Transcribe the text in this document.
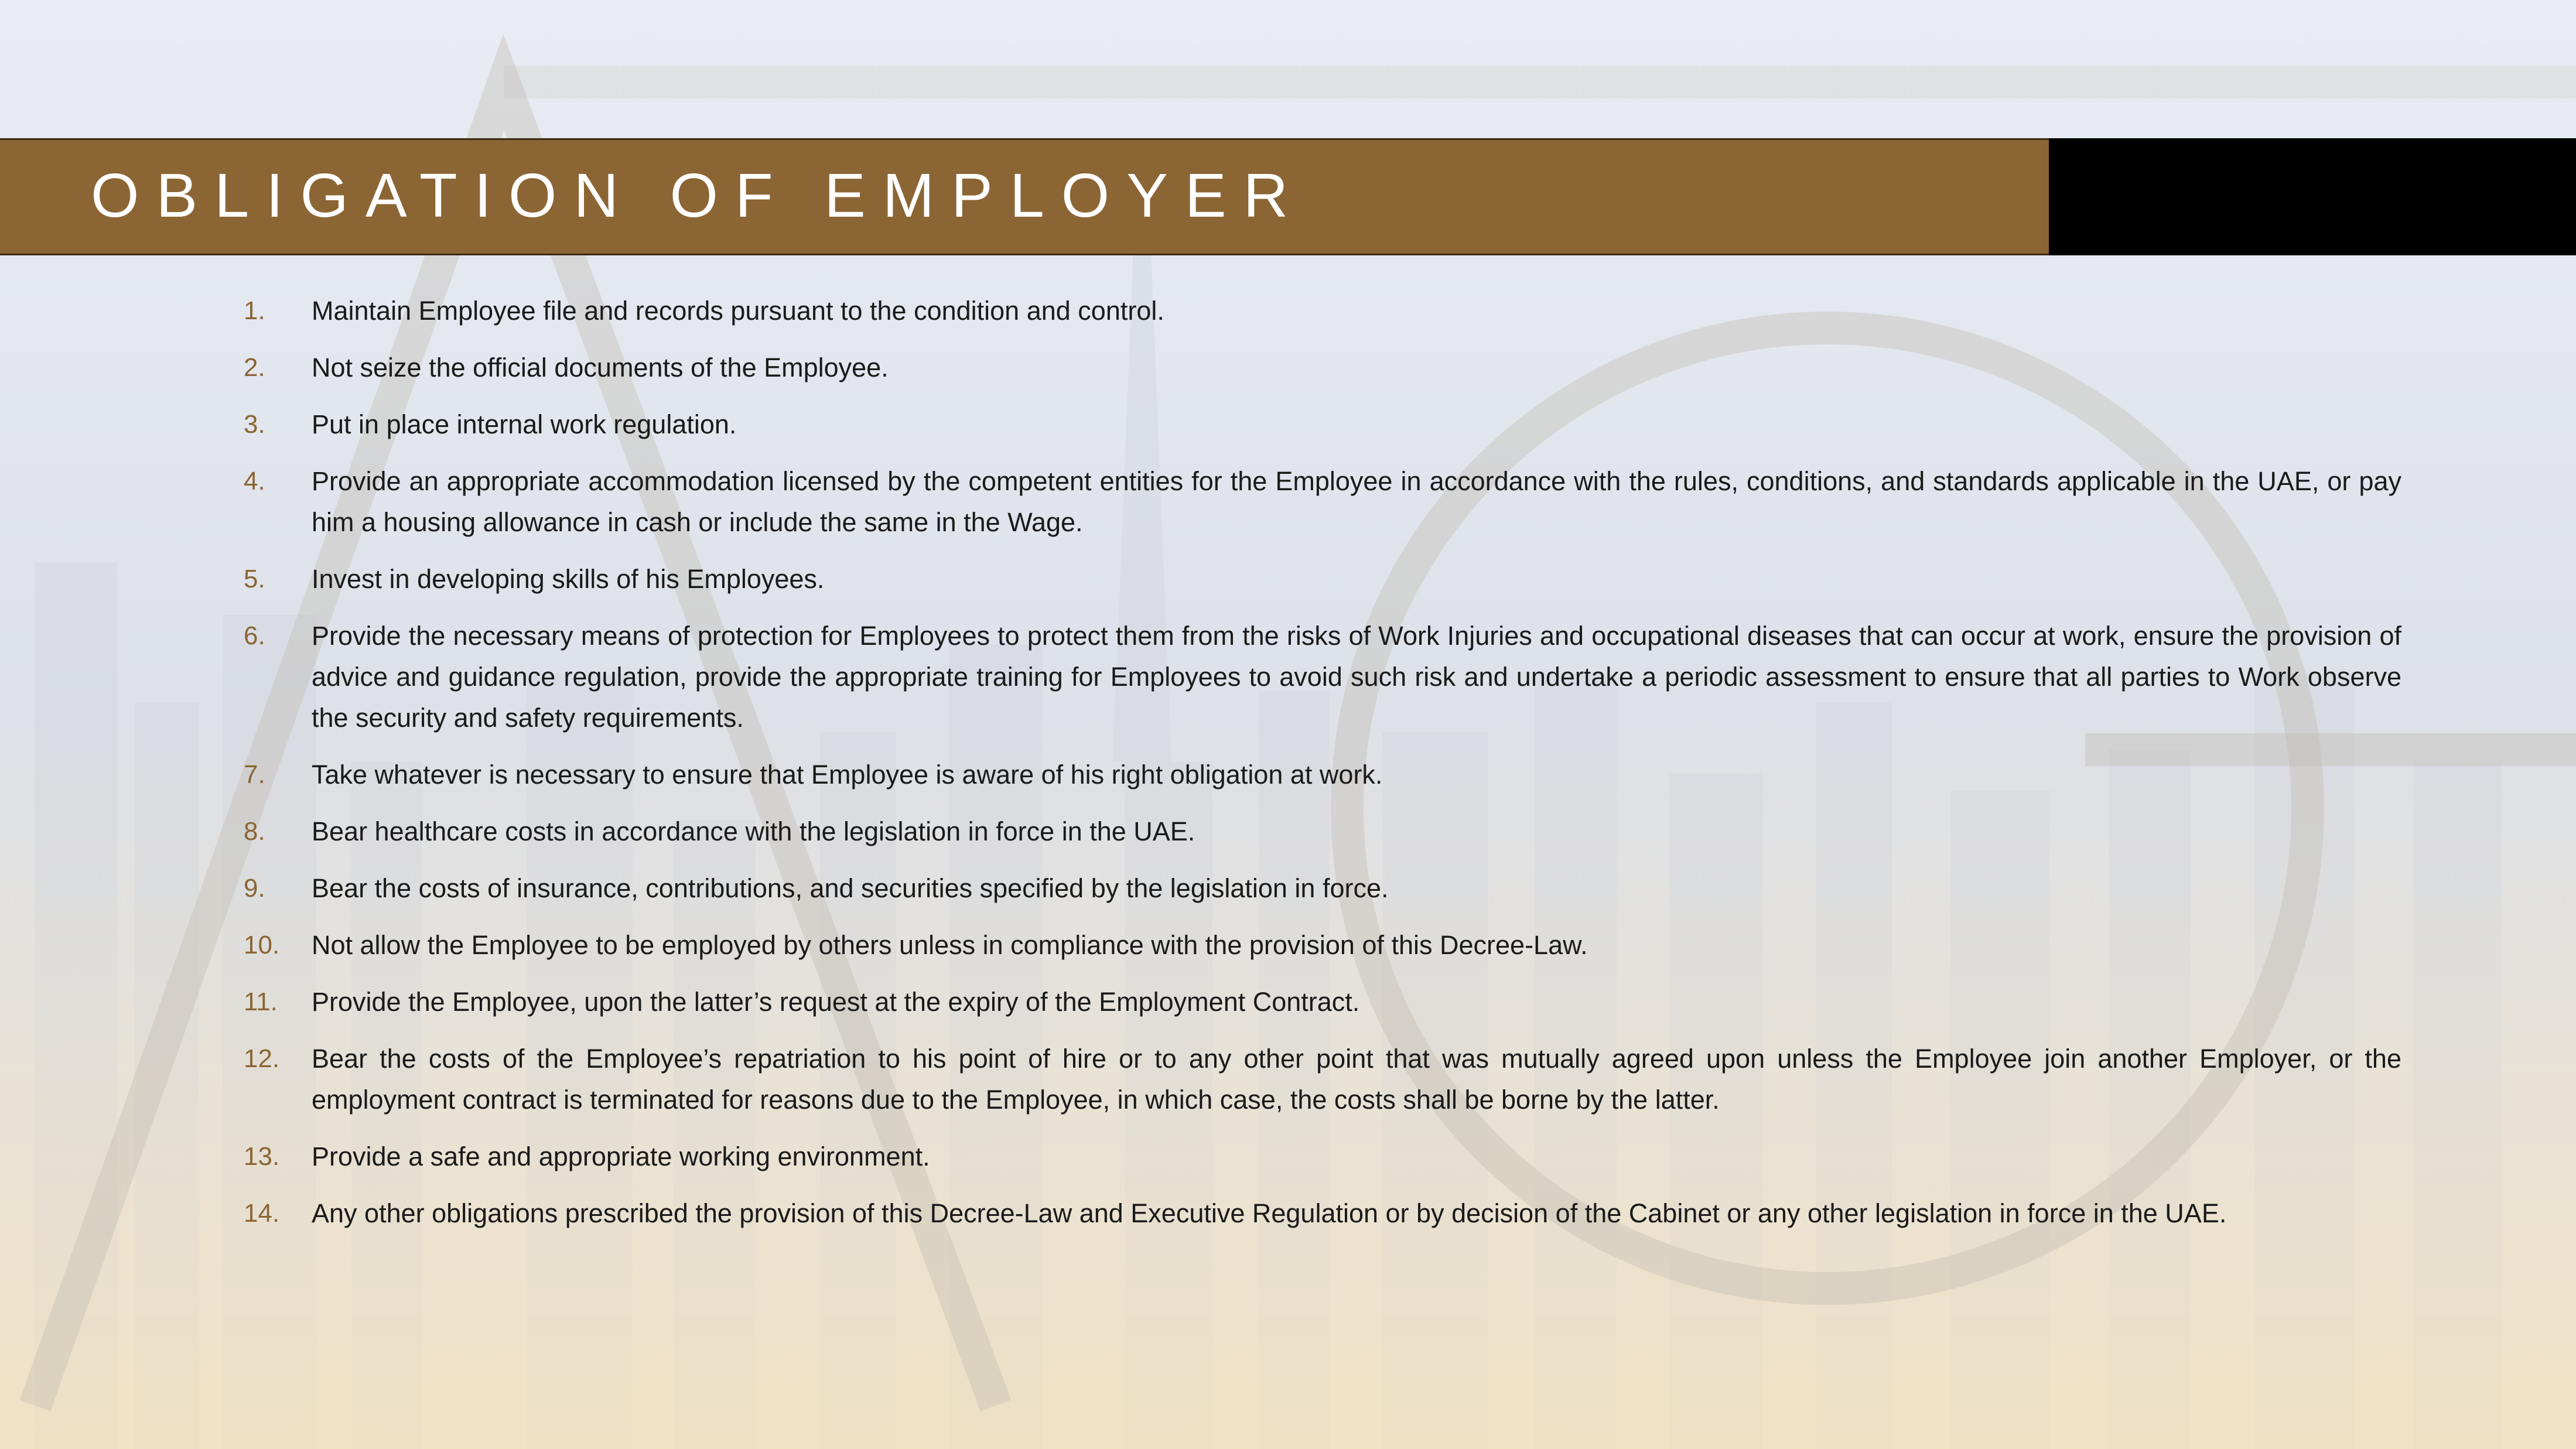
OBLIGATION OF EMPLOYER
1. Maintain Employee file and records pursuant to the condition and control.
2. Not seize the official documents of the Employee.
3. Put in place internal work regulation.
4. Provide an appropriate accommodation licensed by the competent entities for the Employee in accordance with the rules, conditions, and standards applicable in the UAE, or pay him a housing allowance in cash or include the same in the Wage.
5. Invest in developing skills of his Employees.
6. Provide the necessary means of protection for Employees to protect them from the risks of Work Injuries and occupational diseases that can occur at work, ensure the provision of advice and guidance regulation, provide the appropriate training for Employees to avoid such risk and undertake a periodic assessment to ensure that all parties to Work observe the security and safety requirements.
7. Take whatever is necessary to ensure that Employee is aware of his right obligation at work.
8. Bear healthcare costs in accordance with the legislation in force in the UAE.
9. Bear the costs of insurance, contributions, and securities specified by the legislation in force.
10. Not allow the Employee to be employed by others unless in compliance with the provision of this Decree-Law.
11. Provide the Employee, upon the latter’s request at the expiry of the Employment Contract.
12. Bear the costs of the Employee’s repatriation to his point of hire or to any other point that was mutually agreed upon unless the Employee join another Employer, or the employment contract is terminated for reasons due to the Employee, in which case, the costs shall be borne by the latter.
13. Provide a safe and appropriate working environment.
14. Any other obligations prescribed the provision of this Decree-Law and Executive Regulation or by decision of the Cabinet or any other legislation in force in the UAE.
